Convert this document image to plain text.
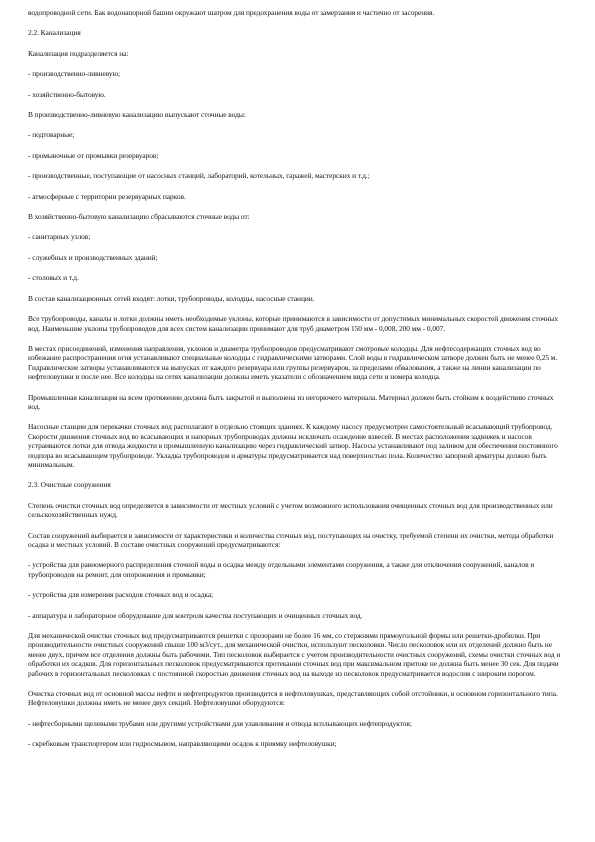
водопроводной сети. Бак водонапорной башни окружают шатром для предохранения воды от замерзания и частично от засорения.

2.2. Канализация

Канализация подразделяется на:

- производственно-ливневую;

- хозяйственно-бытовую.

В производственно-ливневую канализацию выпускают сточные воды:

- подтоварные;

- промывочные от промывки резервуаров;

- производственные, поступающие от насосных станций, лабораторий, котельных, гаражей, мастерских и т.д.;

- атмосферные с территории резервуарных парков.

В хозяйственно-бытовую канализацию сбрасываются сточные воды от:

- санитарных узлов;

- служебных и производственных зданий;

- столовых и т.д.

В состав канализационных сетей входят: лотки, трубопроводы, колодцы, насосные станции.

Все трубопроводы, каналы и лотки должны иметь необходимые уклоны, которые принимаются в зависимости от допустимых минимальных скоростей движения сточных вод. Наименьшие уклоны трубопроводов для всех систем канализации принимают для труб диаметром 150 мм - 0,008, 200 мм - 0,007.

В местах присоединений, изменения направления, уклонов и диаметра трубопроводов предусматривают смотровые колодцы. Для нефтесодержащих сточных вод во избежание распространения огня устанавливают специальные колодцы с гидравлическими затворами. Слой воды в гидравлическом затворе должен быть не менее 0,25 м. Гидравлические затворы устанавливаются на выпусках от каждого резервуара или группы резервуаров, за пределами обвалования, а также на линии канализации по нефтеловушки и после нее. Все колодцы на сетях канализации должны иметь указатели с обозначением вида сети и номера колодца.

Промышленная канализация на всем протяжении должна быть закрытой и выполнена из негорючего материала. Материал должен быть стойким к воздействию сточных вод.

Насосные станции для перекачки сточных вод располагают в отдельно стоящих зданиях. К каждому насосу предусмотрен самостоятельный всасывающий трубопровод. Скорости движения сточных вод во всасывающих и напорных трубопроводах должны исключать осаждение взвесей. В местах расположения задвижек и насосов устраиваются лотки для отвода жидкости в промышленную канализацию через гидравлический затвор. Насосы устанавливают под заливом для обеспечения постоянного подпора во всасывающем трубопроводе. Укладка трубопроводов и арматуры предусматривается над поверхностью пола. Количество запорной арматуры должно быть минимальным.

2.3. Очистные сооружения

Степень очистки сточных вод определяется в зависимости от местных условий с учетом возможного использования очищенных сточных вод для производственных или сельскохозяйственных нужд.

Состав сооружений выбирается в зависимости от характеристики и количества сточных вод, поступающих на очистку, требуемой степени их очистки, метода обработки осадка и местных условий. В составе очистных сооружений предусматриваются:

- устройства для равномерного распределения сточной воды и осадка между отдельными элементами сооружения, а также для отключения сооружений, каналов и трубопроводов на ремонт, для опорожнения и промывки;

- устройства для измерения расходов сточных вод и осадка;

- аппаратура и лабораторное оборудование для контроля качества поступающих и очищенных сточных вод.

Для механической очистки сточных вод предусматриваются решетки с прозорами не более 16 мм, со стержнями прямоугольной формы или решетки-дробилки. При производительности очистных сооружений свыше 100 м3/сут., для механической очистки, используют песколовки. Число песколовок или их отделений должно быть не менее двух, причем все отделения должны быть рабочими. Тип песколовок выбирается с учетом производительности очистных сооружений, схемы очистки сточных вод и обработки их осадков. Для горизонтальных песколовок предусматриваются протекании сточных вод при максимальном притоке не должна быть менее 30 сек. Для подачи рабочих в горизонтальных песколовках с постоянной скоростью движения сточных вод на выходе из песколовок предусматривается водослив с широким порогом.

Очистка сточных вод от основной массы нефти и нефтепродуктов производится в нефтеловушках, представляющих собой отстойники, в основном горизонтального типа. Нефтеловушки должны иметь не менее двух секций. Нефтеловушки оборудуются:

- нефтесборными щелевыми трубами или другими устройствами для улавливания и отвода всплывающих нефтепродуктов;

- скребковым транспортером или гидросмывом, направляющими осадок к приямку нефтеловушки;
